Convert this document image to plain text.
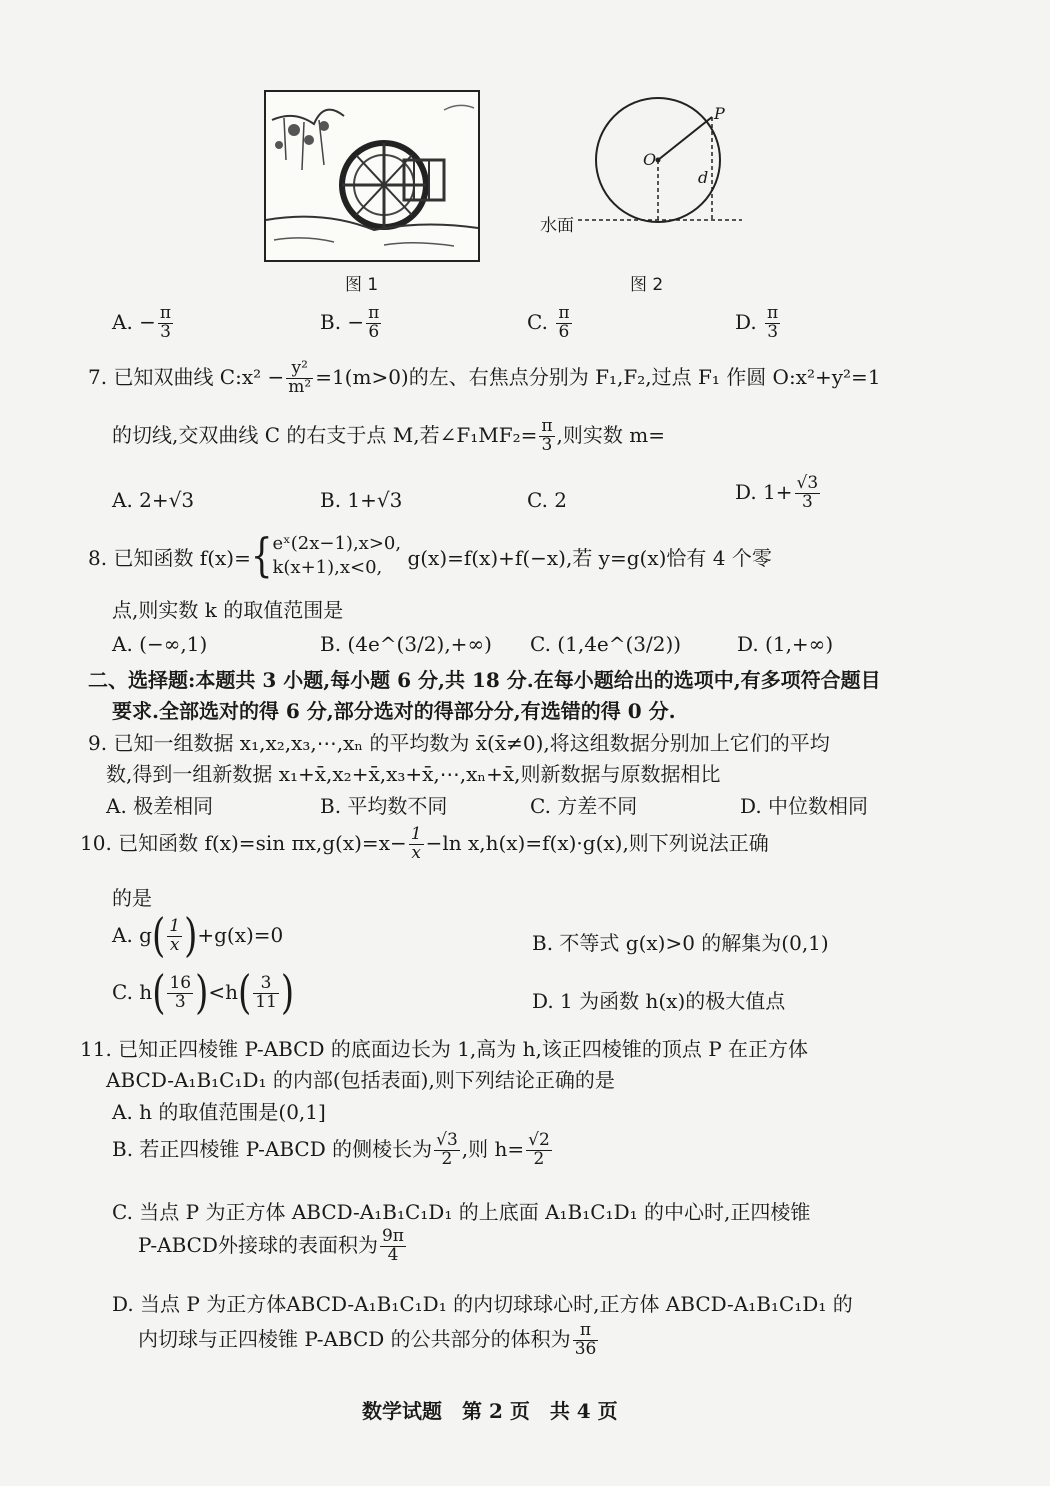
图 1
O
P
d
水面
图 2
A. − $\frac{\pi}{3}$	B. − $\frac{\pi}{6}$	C. $\frac{\pi}{6}$	D. $\frac{\pi}{3}$
7. 已知双曲线 C:x² − $\frac{\text{y²}}{\text{m²}} =1(m>0)$的左、右焦点分别为 F₁,F₂,过点 F₁ 作圆 O:x²+y²=1
的切线,交双曲线 C 的右支于点 M,若∠F₁MF₂= $\frac{\pi}{3}$ ,则实数 m=
A. 2+√3	B. 1+√3	C. 2	D. $1+ \frac{√3}{3}$
8. 已知函数 f(x)={ eˣ(2x−1),x>0,
k(x+1),x<0,	g(x)=f(x)+f(−x),若 y=g(x)恰有 4 个零
点,则实数 k 的取值范围是
A. (−∞,1)	B. (4e^(3/2),+∞) C. (1,4e^(3/2))	D. (1,+∞)
二、选择题:本题共 3 小题,每小题 6 分,共 18 分.在每小题给出的选项中,有多项符合题目
要求.全部选对的得 6 分,部分选对的得部分分,有选错的得 0 分.
9. 已知一组数据 x₁,x₂,x₃,⋯,xₙ 的平均数为 x̄(x̄≠0),将这组数据分别加上它们的平均
数,得到一组新数据 x₁+x̄,x₂+x̄,x₃+x̄,⋯,xₙ+x̄,则新数据与原数据相比
A. 极差相同	B. 平均数不同	C. 方差不同	D. 中位数相同
10. 已知函数 f(x)=sin $\pi x,g(x)=x- \frac{1}{x} -\ln$ x,h(x)=f(x)·g(x),则下列说法正确
的是
A. $g( \frac{1}{x} )+g(x)=0$	B. 不等式 g(x)>0 的解集为(0,1)
C. $h( \frac{16}{3} )<h( \frac{3}{11}$ )	D. 1 为函数 h(x)的极大值点
11. 已知正四棱锥 P-ABCD 的底面边长为 1,高为 h,该正四棱锥的顶点 P 在正方体
ABCD-A₁B₁C₁D₁ 的内部(包括表面),则下列结论正确的是
A. h 的取值范围是(0,1]
B. 若正四棱锥 P-ABCD 的侧棱长为 $\frac{√3}{2}$ ,则 $h= \frac{√2}{2}$
C. 当点 P 为正方体 ABCD-A₁B₁C₁D₁ 的上底面 A₁B₁C₁D₁ 的中心时,正四棱锥
P-ABCD外接球的表面积为 $\frac{9\pi}{4}$
D. 当点 P 为正方体ABCD-A₁B₁C₁D₁ 的内切球球心时,正方体 ABCD-A₁B₁C₁D₁ 的
内切球与正四棱锥 P-ABCD 的公共部分的体积为 $\frac{\pi}{36}$
数学试题　第 2 页　共 4 页
